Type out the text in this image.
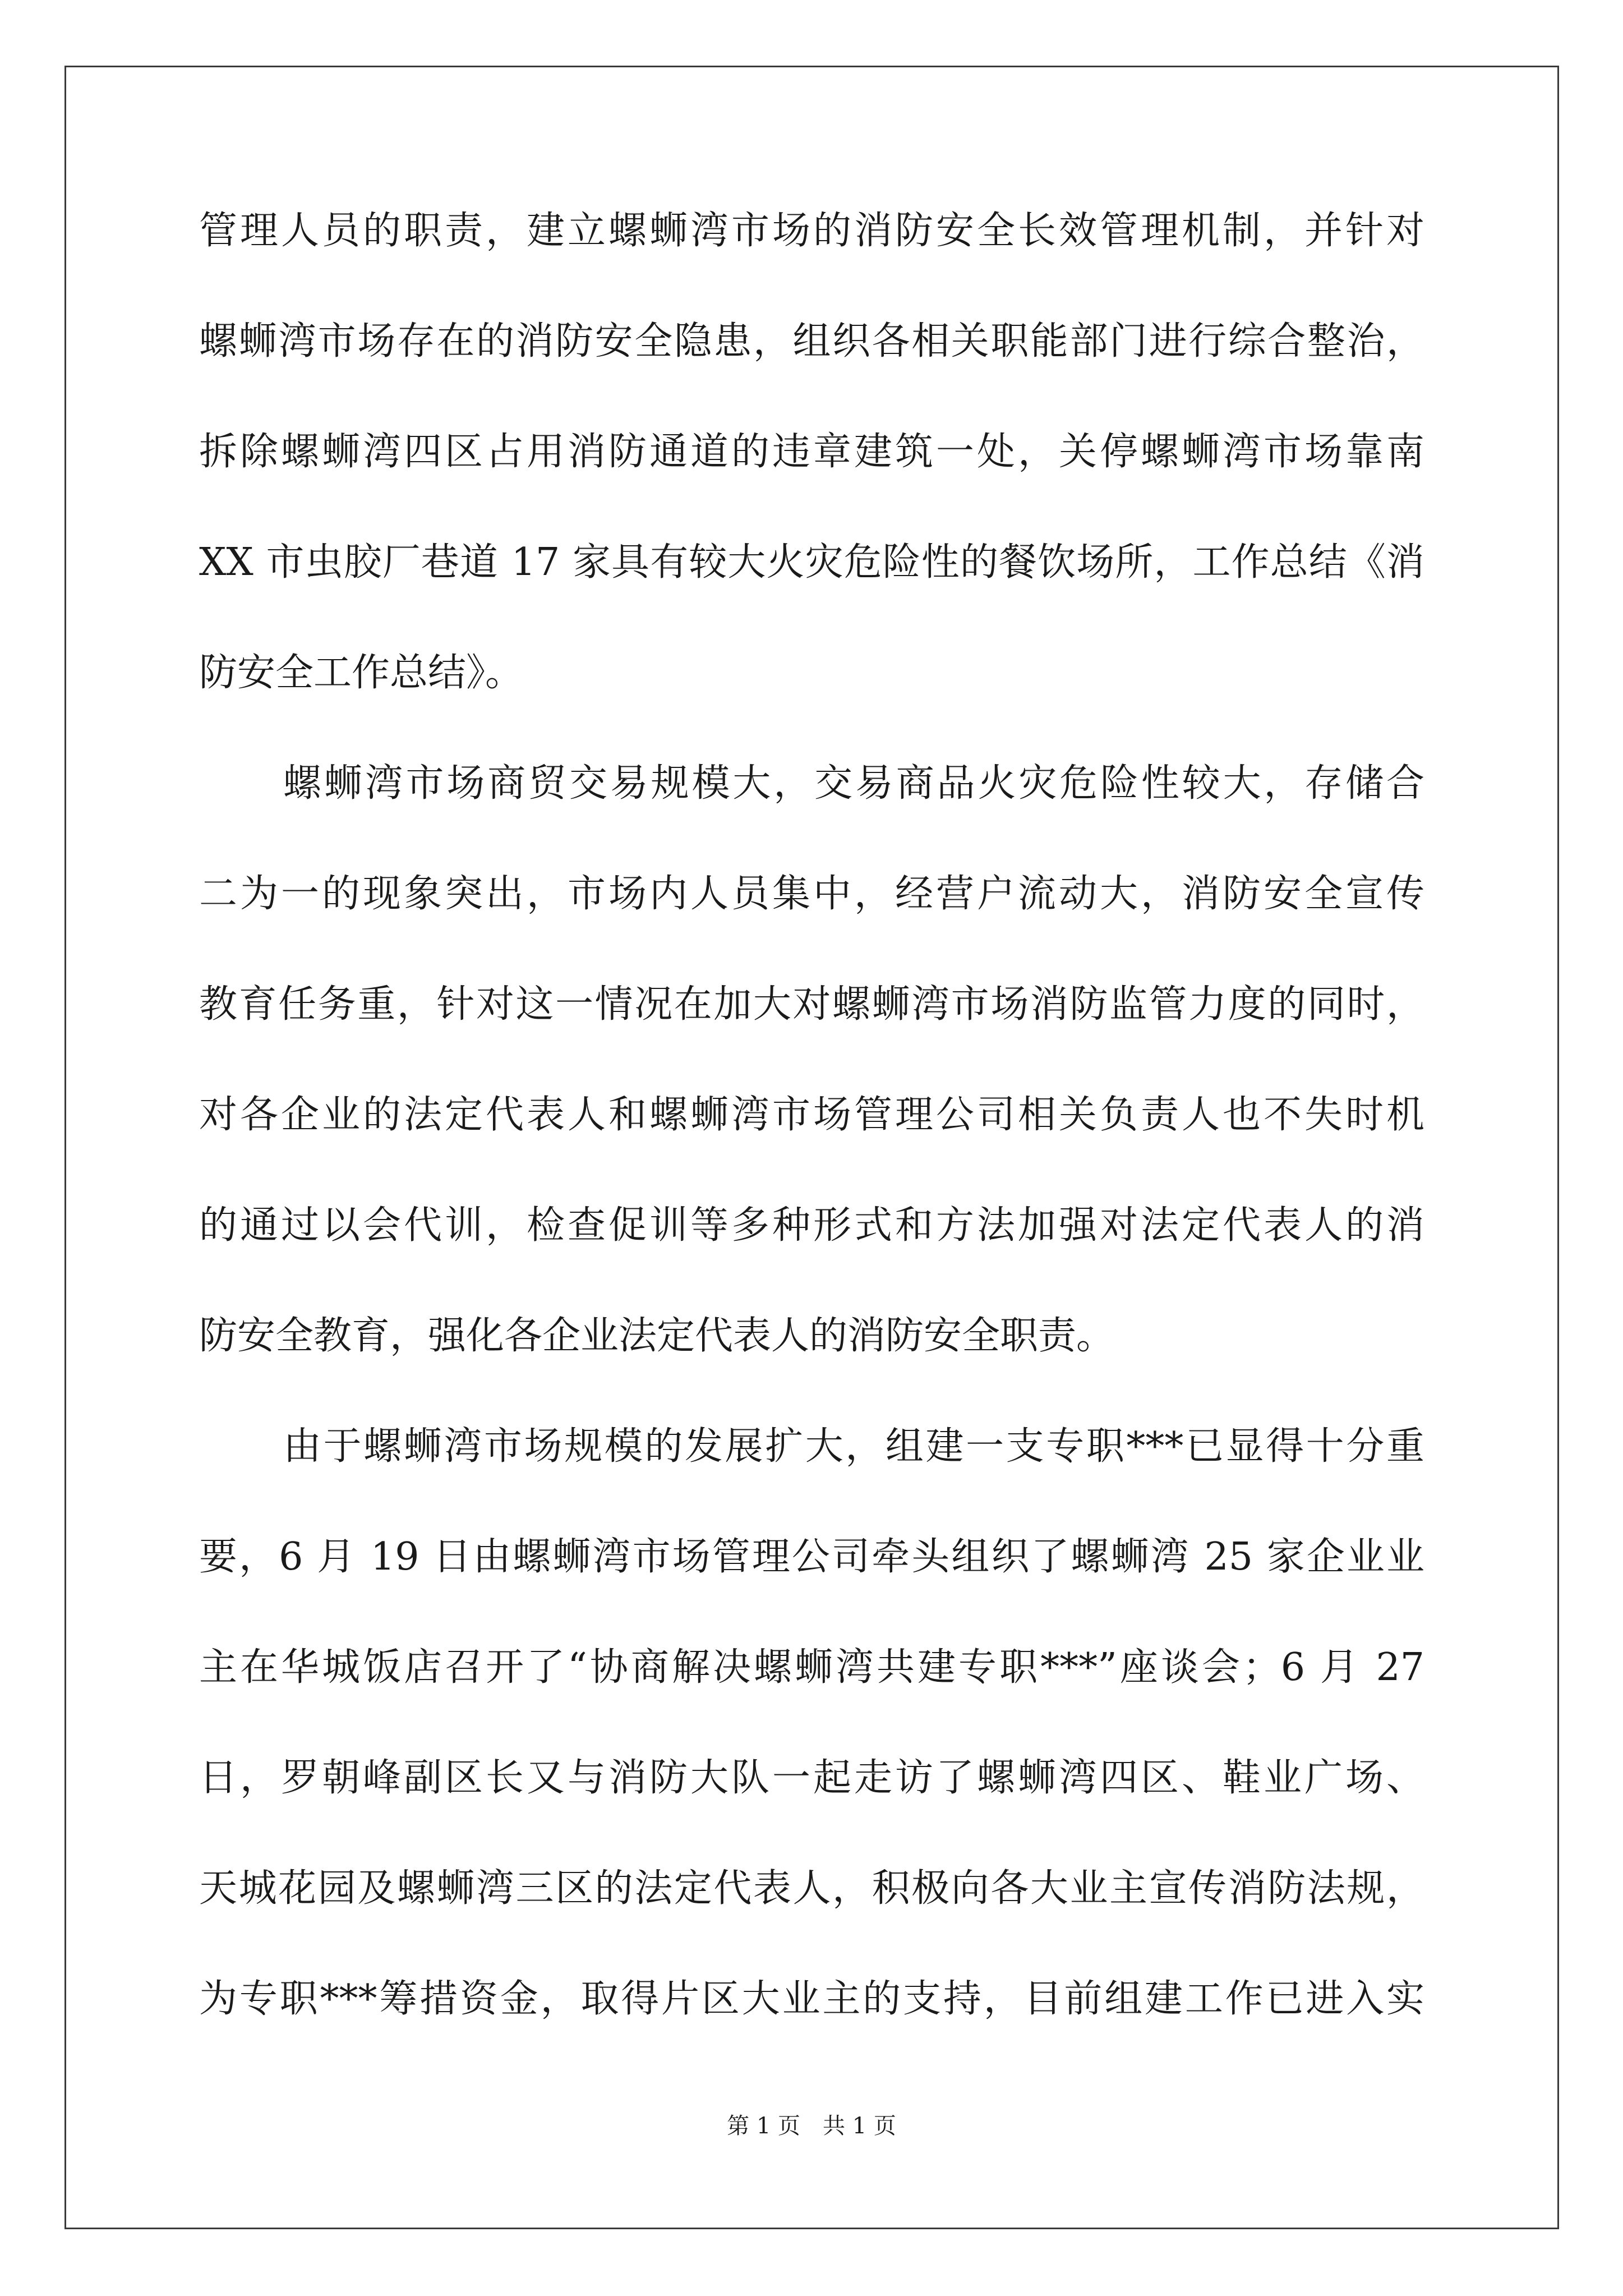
管理人员的职责，建立螺蛳湾市场的消防安全长效管理机制，并针对
螺蛳湾市场存在的消防安全隐患，组织各相关职能部门进行综合整治，
拆除螺蛳湾四区占用消防通道的违章建筑一处，关停螺蛳湾市场靠南
XX 市虫胶厂巷道 17 家具有较大火灾危险性的餐饮场所，工作总结《消
防安全工作总结》。
螺蛳湾市场商贸交易规模大，交易商品火灾危险性较大，存储合
二为一的现象突出，市场内人员集中，经营户流动大，消防安全宣传
教育任务重，针对这一情况在加大对螺蛳湾市场消防监管力度的同时，
对各企业的法定代表人和螺蛳湾市场管理公司相关负责人也不失时机
的通过以会代训，检查促训等多种形式和方法加强对法定代表人的消
防安全教育，强化各企业法定代表人的消防安全职责。
由于螺蛳湾市场规模的发展扩大，组建一支专职***已显得十分重
要，6 月 19 日由螺蛳湾市场管理公司牵头组织了螺蛳湾 25 家企业业
主在华城饭店召开了“协商解决螺蛳湾共建专职***”座谈会；6 月 27
日，罗朝峰副区长又与消防大队一起走访了螺蛳湾四区、鞋业广场、
天城花园及螺蛳湾三区的法定代表人，积极向各大业主宣传消防法规，
为专职***筹措资金，取得片区大业主的支持，目前组建工作已进入实
第 1 页 共 1 页
